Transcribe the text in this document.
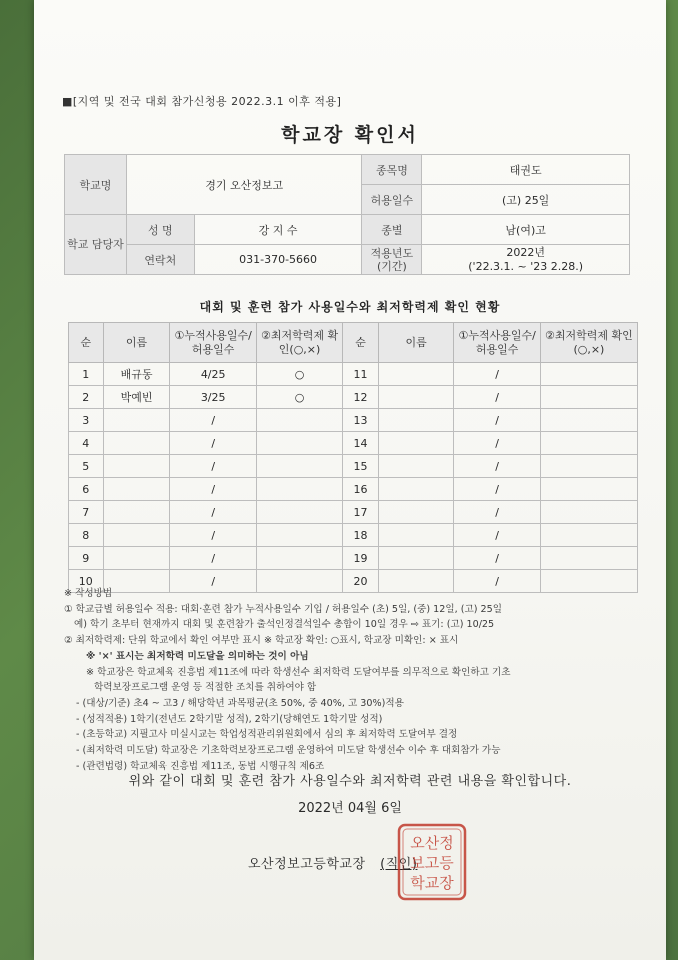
■[지역 및 전국 대회 참가신청용 2022.3.1 이후 적용]
학교장 확인서
학교명	경기 오산정보고		종목명	태권도
			허용일수	(고) 25일
학교 담당자	성 명	강 지 수	종별	남(여)고
	연락처	031-370-5660	적용년도 (기간)	2022년
('22.3.1. ~ '23 2.28.)
대회 및 훈련 참가 사용일수와 최저학력제 확인 현황
순	이름	①누적사용일수/허용일수	②최저학력제 확인(○,×)	순	이름	①누적사용일수/허용일수	②최저학력제 확인(○,×)
1	배규동	4/25	○	11		/	
2	박예빈	3/25	○	12		/	
3		/		13		/	
4		/		14		/	
5		/		15		/	
6		/		16		/	
7		/		17		/	
8		/		18		/	
9		/		19		/	
10		/		20		/	
※ 작성방법
① 학교급별 허용일수 적용: 대회·훈련 참가 누적사용일수 기입 / 허용일수 (초) 5일, (중) 12일, (고) 25일
예) 학기 초부터 현재까지 대회 및 훈련참가 출석인정결석일수 총합이 10일 경우 ⇨ 표기: (고) 10/25
② 최저학력제: 단위 학교에서 확인 여부만 표시 ※ 학교장 확인: ○표시, 학교장 미확인: × 표시
※ '×' 표시는 최저학력 미도달을 의미하는 것이 아님
※ 학교장은 학교체육 진흥법 제11조에 따라 학생선수 최저학력 도달여부를 의무적으로 확인하고 기초
학력보장프로그램 운영 등 적절한 조치를 취하여야 함
- (대상/기준) 초4 ~ 고3 / 해당학년 과목평균(초 50%, 중 40%, 고 30%)적용
- (성적적용) 1학기(전년도 2학기말 성적), 2학기(당해연도 1학기말 성적)
- (초등학교) 지필고사 미실시교는 학업성적관리위원회에서 심의 후 최저학력 도달여부 결정
- (최저학력 미도달) 학교장은 기초학력보장프로그램 운영하여 미도달 학생선수 이수 후 대회참가 가능
- (관련법령) 학교체육 진흥법 제11조, 동법 시행규칙 제6조
위와 같이 대회 및 훈련 참가 사용일수와 최저학력 관련 내용을 확인합니다.
2022년 04월 6일
오산정보고등학교장 (직인)
오산정
보고등
학교장
